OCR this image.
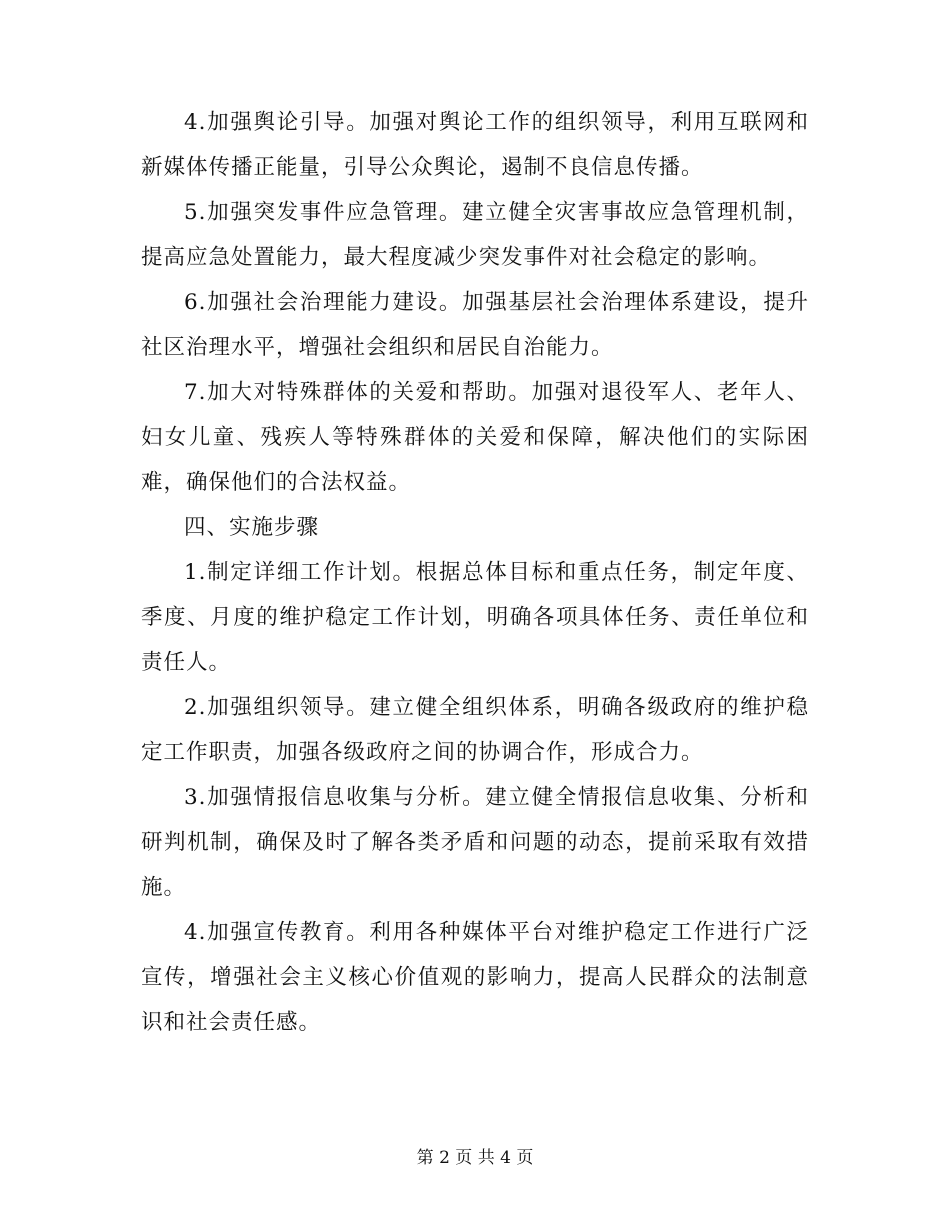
4.加强舆论引导。加强对舆论工作的组织领导，利用互联网和新媒体传播正能量，引导公众舆论，遏制不良信息传播。

5.加强突发事件应急管理。建立健全灾害事故应急管理机制，提高应急处置能力，最大程度减少突发事件对社会稳定的影响。

6.加强社会治理能力建设。加强基层社会治理体系建设，提升社区治理水平，增强社会组织和居民自治能力。

7.加大对特殊群体的关爱和帮助。加强对退役军人、老年人、妇女儿童、残疾人等特殊群体的关爱和保障，解决他们的实际困难，确保他们的合法权益。

四、实施步骤

1.制定详细工作计划。根据总体目标和重点任务，制定年度、季度、月度的维护稳定工作计划，明确各项具体任务、责任单位和责任人。

2.加强组织领导。建立健全组织体系，明确各级政府的维护稳定工作职责，加强各级政府之间的协调合作，形成合力。

3.加强情报信息收集与分析。建立健全情报信息收集、分析和研判机制，确保及时了解各类矛盾和问题的动态，提前采取有效措施。

4.加强宣传教育。利用各种媒体平台对维护稳定工作进行广泛宣传，增强社会主义核心价值观的影响力，提高人民群众的法制意识和社会责任感。

第 2 页 共 4 页
